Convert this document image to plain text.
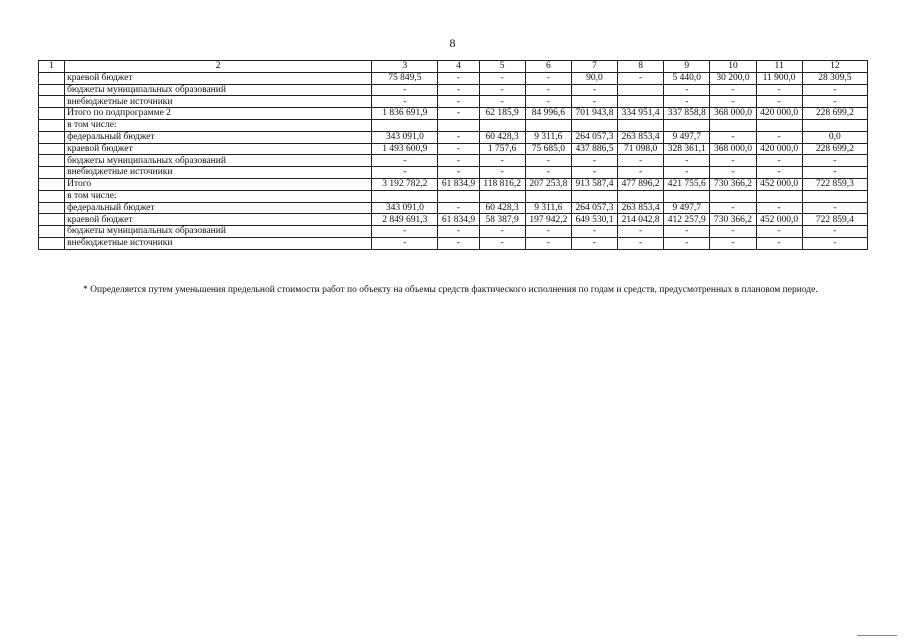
8
1	2	3	4	5	6	7	8	9	10	11	12
	краевой бюджет	75 849,5	-	-	-	90,0	-	5 440,0	30 200,0	11 900,0	28 309,5
	бюджеты муниципальных образований	-	-	-	-	-		-	-	-	-
	внебюджетные источники	-	-	-	-	-		-	-	-	-
	Итого по подпрограмме 2	1 836 691,9	-	62 185,9	84 996,6	701 943,8	334 951,4	337 858,8	368 000,0	420 000,0	228 699,2
	в том числе:										
	федеральный бюджет	343 091,0	-	60 428,3	9 311,6	264 057,3	263 853,4	9 497,7	-	-	0,0
	краевой бюджет	1 493 600,9	-	1 757,6	75 685,0	437 886,5	71 098,0	328 361,1	368 000,0	420 000,0	228 699,2
	бюджеты муниципальных образований	-	-	-	-	-	-	-	-	-	-
	внебюджетные источники	-	-	-	-	-	-	-	-	-	-
	Итого	3 192 782,2	61 834,9	118 816,2	207 253,8	913 587,4	477 896,2	421 755,6	730 366,2	452 000,0	722 859,3
	в том числе:										
	федеральный бюджет	343 091,0	-	60 428,3	9 311,6	264 057,3	263 853,4	9 497,7	-	-	-
	краевой бюджет	2 849 691,3	61 834,9	58 387,9	197 942,2	649 530,1	214 042,8	412 257,9	730 366,2	452 000,0	722 859,4
	бюджеты муниципальных образований	-	-	-	-	-	-	-	-	-	-
	внебюджетные источники	-	-	-	-	-	-	-	-	-	-
* Определяется путем уменьшения предельной стоимости работ по объекту на объемы средств фактического исполнения по годам и средств, предусмотренных в плановом периоде.
